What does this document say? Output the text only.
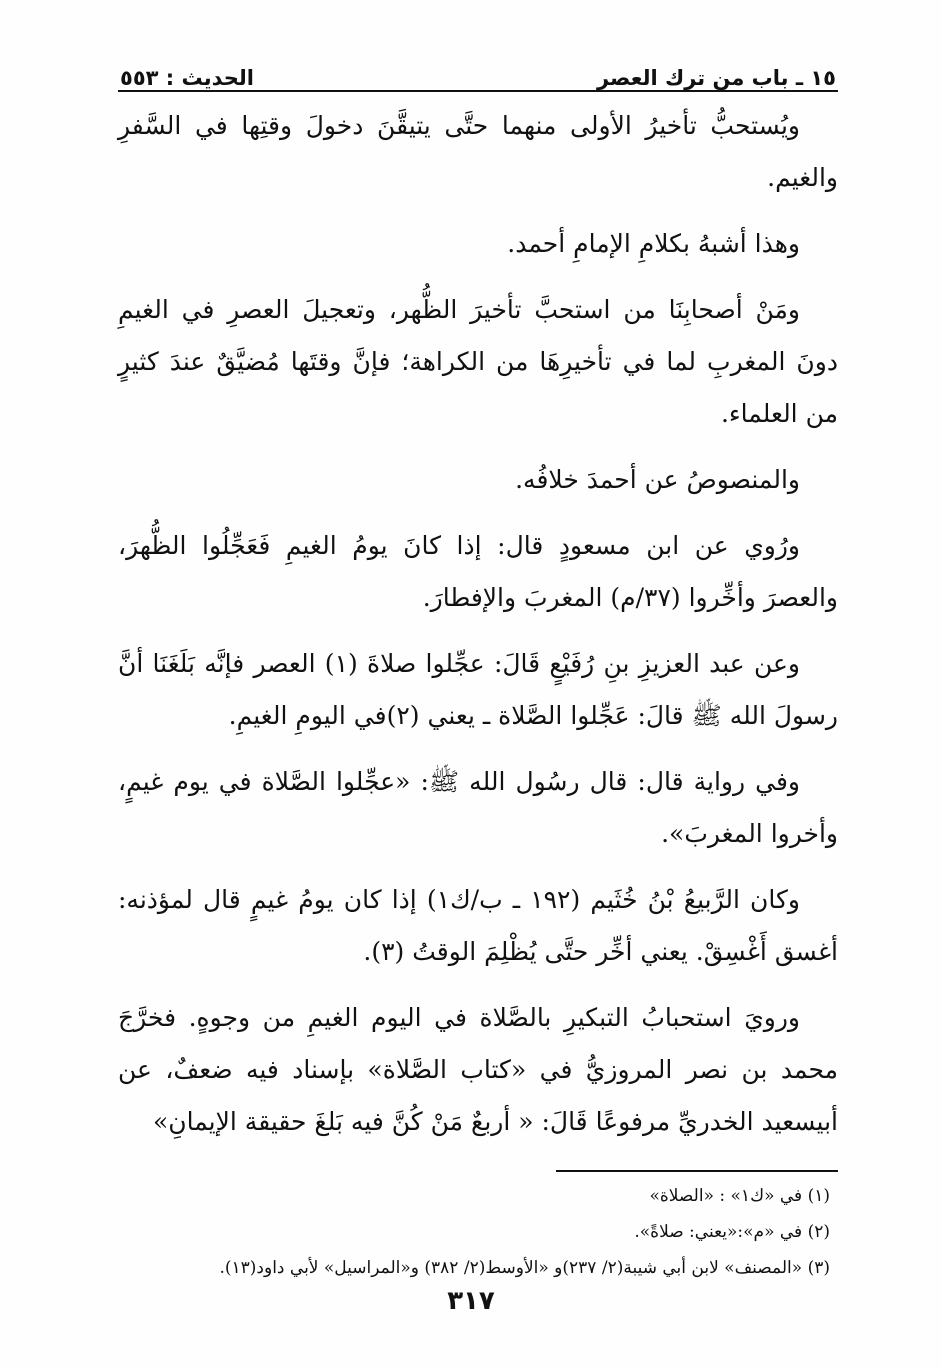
١٥ ـ باب من ترك العصر
الحديث : ٥٥٣

ويُستحبُّ تأخيرُ الأولى منهما حتَّى يتيقَّنَ دخولَ وقتِها في السَّفرِ والغيم.

وهذا أشبهُ بكلامِ الإمامِ أحمد.

ومَنْ أصحابِنَا من استحبَّ تأخيرَ الظُّهر، وتعجيلَ العصرِ في الغيمِ دونَ المغربِ لما في تأخيرِهَا من الكراهة؛ فإنَّ وقتَها مُضيَّقٌ عندَ كثيرٍ من العلماء.

والمنصوصُ عن أحمدَ خلافُه.

ورُوي عن ابن مسعودٍ قال: إذا كانَ يومُ الغيمِ فَعَجِّلُوا الظُّهرَ، والعصرَ وأخِّروا (٣٧/م) المغربَ والإفطارَ.

وعن عبد العزيزِ بنِ رُفَيْعٍ قَالَ: عجِّلوا صلاةَ (١) العصر فإنَّه بَلَغَنَا أنَّ رسولَ الله ﷺ قالَ: عَجِّلوا الصَّلاة ـ يعني (٢)في اليومِ الغيمِ.

وفي رواية قال: قال رسُول الله ﷺ: «عجِّلوا الصَّلاة في يوم غيمٍ، وأخروا المغربَ».

وكان الرَّبيعُ بْنُ خُثَيم (١٩٢ ـ ب/ك١) إذا كان يومُ غيمٍ قال لمؤذنه: أغسق أَغْسِقْ. يعني أخِّر حتَّى يُظْلِمَ الوقتُ (٣).

ورويَ استحبابُ التبكيرِ بالصَّلاة في اليوم الغيمِ من وجوهٍ. فخرَّجَ محمد بن نصر المروزيُّ في «كتاب الصَّلاة» بإسناد فيه ضعفٌ، عن أبيسعيد الخدريِّ مرفوعًا قَالَ: « أربعٌ مَنْ كُنَّ فيه بَلغَ حقيقة الإيمانِ»

(١) في «ك١» : «الصلاة»

(٢) في «م»:«يعني: صلاةً».

(٣) «المصنف» لابن أبي شيبة(٢/ ٢٣٧)و «الأوسط(٢/ ٣٨٢) و«المراسيل» لأبي داود(١٣).

٣١٧
